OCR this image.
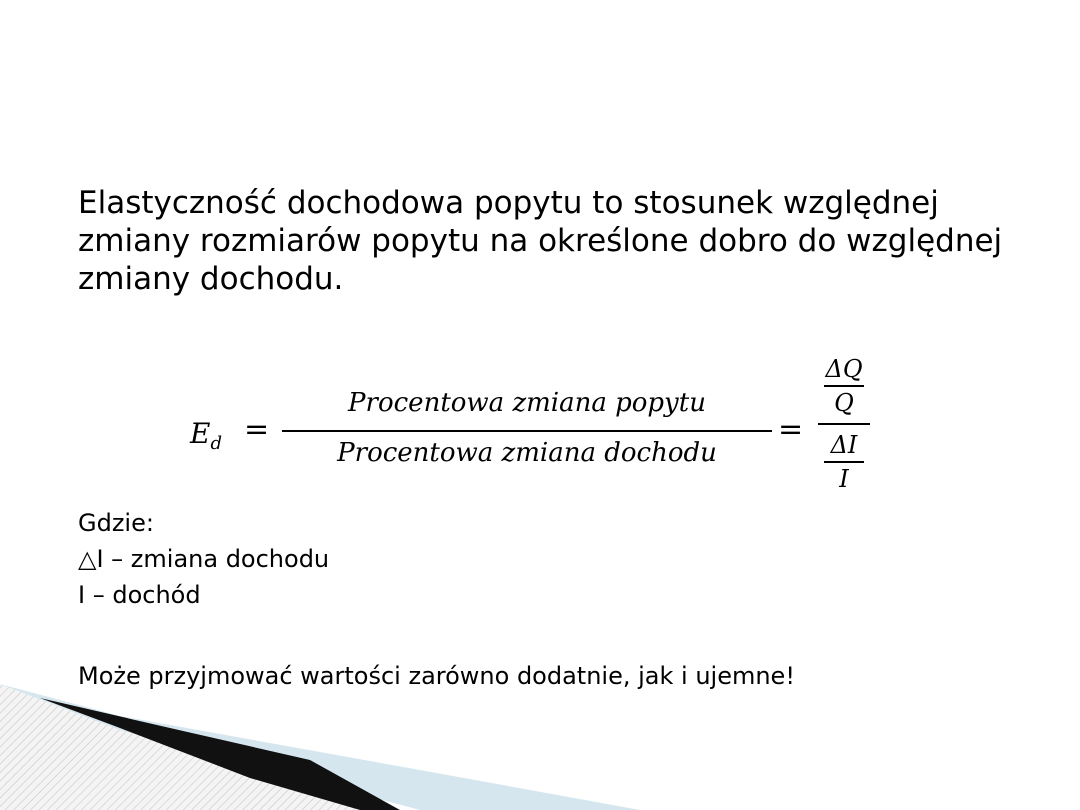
Elastyczność dochodowa popytu to stosunek względnej zmiany rozmiarów popytu na określone dobro do względnej zmiany dochodu.

$E_d$ =
Procentowa zmiana popytu
Procentowa zmiana dochodu
=
ΔQ
Q
ΔI
I
Gdzie:
△I – zmiana dochodu
I – dochód
Może przyjmować wartości zarówno dodatnie, jak i ujemne!
